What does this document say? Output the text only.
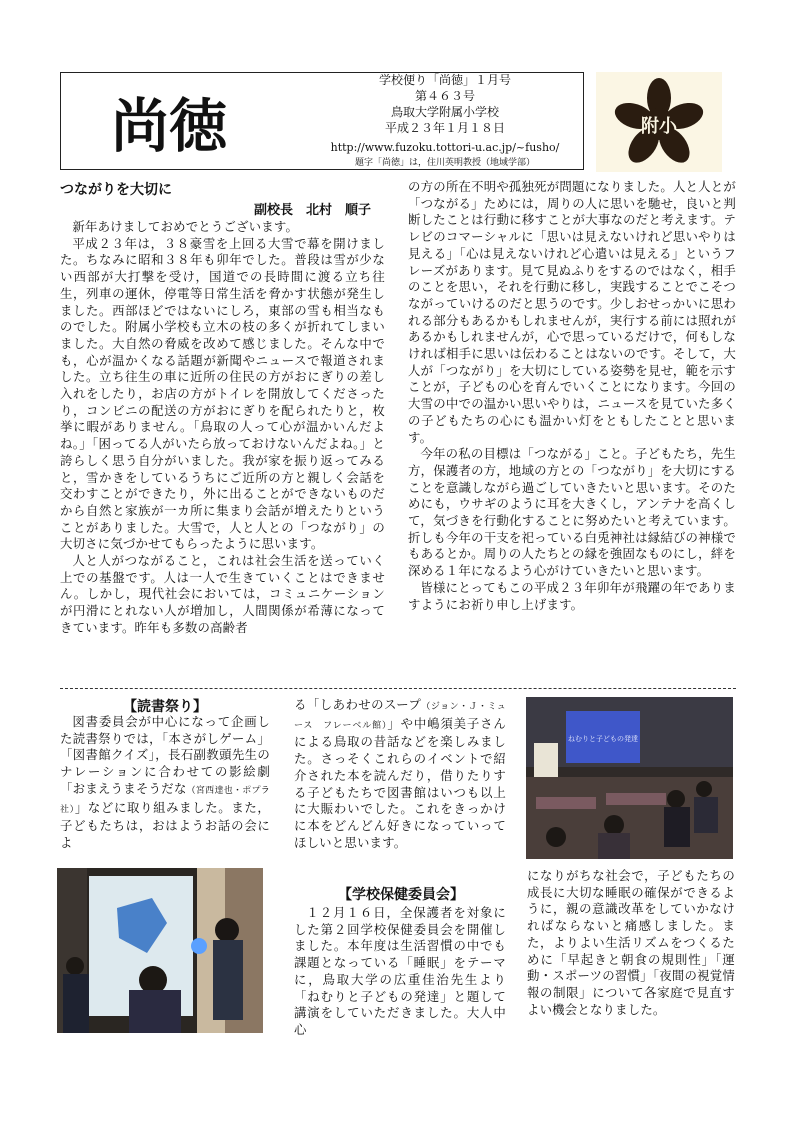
尚徳
学校便り「尚徳」１月号
第４６３号
鳥取大学附属小学校
平成２３年１月１８日
http://www.fuzoku.tottori-u.ac.jp/~fusho/
題字「尚徳」は，住川英明教授（地域学部）
附小
つながりを大切に
副校長　北村　順子

新年あけましておめでとうございます。

平成２３年は，３８豪雪を上回る大雪で幕を開けました。ちなみに昭和３８年も卯年でした。普段は雪が少ない西部が大打撃を受け，国道での長時間に渡る立ち往生，列車の運休，停電等日常生活を脅かす状態が発生しました。西部ほどではないにしろ，東部の雪も相当なものでした。附属小学校も立木の枝の多くが折れてしまいました。大自然の脅威を改めて感じました。そんな中でも，心が温かくなる話題が新聞やニュースで報道されました。立ち往生の車に近所の住民の方がおにぎりの差し入れをしたり，お店の方がトイレを開放してくださったり，コンビニの配送の方がおにぎりを配られたりと，枚挙に暇がありません。「鳥取の人って心が温かいんだよね。」「困ってる人がいたら放っておけないんだよね。」と誇らしく思う自分がいました。我が家を振り返ってみると，雪かきをしているうちにご近所の方と親しく会話を交わすことができたり，外に出ることができないものだから自然と家族が一カ所に集まり会話が増えたりということがありました。大雪で，人と人との「つながり」の大切さに気づかせてもらったように思います。

人と人がつながること，これは社会生活を送っていく上での基盤です。人は一人で生きていくことはできません。しかし，現代社会においては，コミュニケーションが円滑にとれない人が増加し，人間関係が希薄になってきています。昨年も多数の高齢者

の方の所在不明や孤独死が問題になりました。人と人とが「つながる」ためには，周りの人に思いを馳せ，良いと判断したことは行動に移すことが大事なのだと考えます。テレビのコマーシャルに「思いは見えないけれど思いやりは見える」「心は見えないけれど心遣いは見える」というフレーズがあります。見て見ぬふりをするのではなく，相手のことを思い，それを行動に移し，実践することでこそつながっていけるのだと思うのです。少しおせっかいに思われる部分もあるかもしれませんが，実行する前には照れがあるかもしれませんが，心で思っているだけで，何もしなければ相手に思いは伝わることはないのです。そして，大人が「つながり」を大切にしている姿勢を見せ，範を示すことが，子どもの心を育んでいくことになります。今回の大雪の中での温かい思いやりは，ニュースを見ていた多くの子どもたちの心にも温かい灯をともしたことと思います。

今年の私の目標は「つながる」こと。子どもたち，先生方，保護者の方，地域の方との「つながり」を大切にすることを意識しながら過ごしていきたいと思います。そのためにも，ウサギのように耳を大きくし，アンテナを高くして，気づきを行動化することに努めたいと考えています。折しも今年の干支を祀っている白兎神社は縁結びの神様でもあるとか。周りの人たちとの縁を強固なものにし，絆を深める１年になるよう心がけていきたいと思います。

皆様にとってもこの平成２３年卯年が飛躍の年でありますようにお祈り申し上げます。

【読書祭り】

図書委員会が中心になって企画した読書祭りでは，「本さがしゲーム」「図書館クイズ」，長石副教頭先生のナレーションに合わせての影絵劇「おまえうまそうだな（宮西達也・ポプラ社）」などに取り組みました。また，子どもたちは，おはようお話の会によ

る「しあわせのスープ（ジョン・Ｊ・ミュース　フレーベル館）」や中嶋須美子さんによる鳥取の昔話などを楽しみました。さっそくこれらのイベントで紹介された本を読んだり，借りたりする子どもたちで図書館はいつも以上に大賑わいでした。これをきっかけに本をどんどん好きになっていってほしいと思います。

ねむりと子どもの発達
【学校保健委員会】

１２月１６日，全保護者を対象にした第２回学校保健委員会を開催しました。本年度は生活習慣の中でも課題となっている「睡眠」をテーマに，鳥取大学の広重佳治先生より「ねむりと子どもの発達」と題して講演をしていただきました。大人中心

になりがちな社会で，子どもたちの成長に大切な睡眠の確保ができるように，親の意識改革をしていかなければならないと痛感しました。また，よりよい生活リズムをつくるために「早起きと朝食の規則性」「運動・スポーツの習慣」「夜間の視覚情報の制限」について各家庭で見直すよい機会となりました。
